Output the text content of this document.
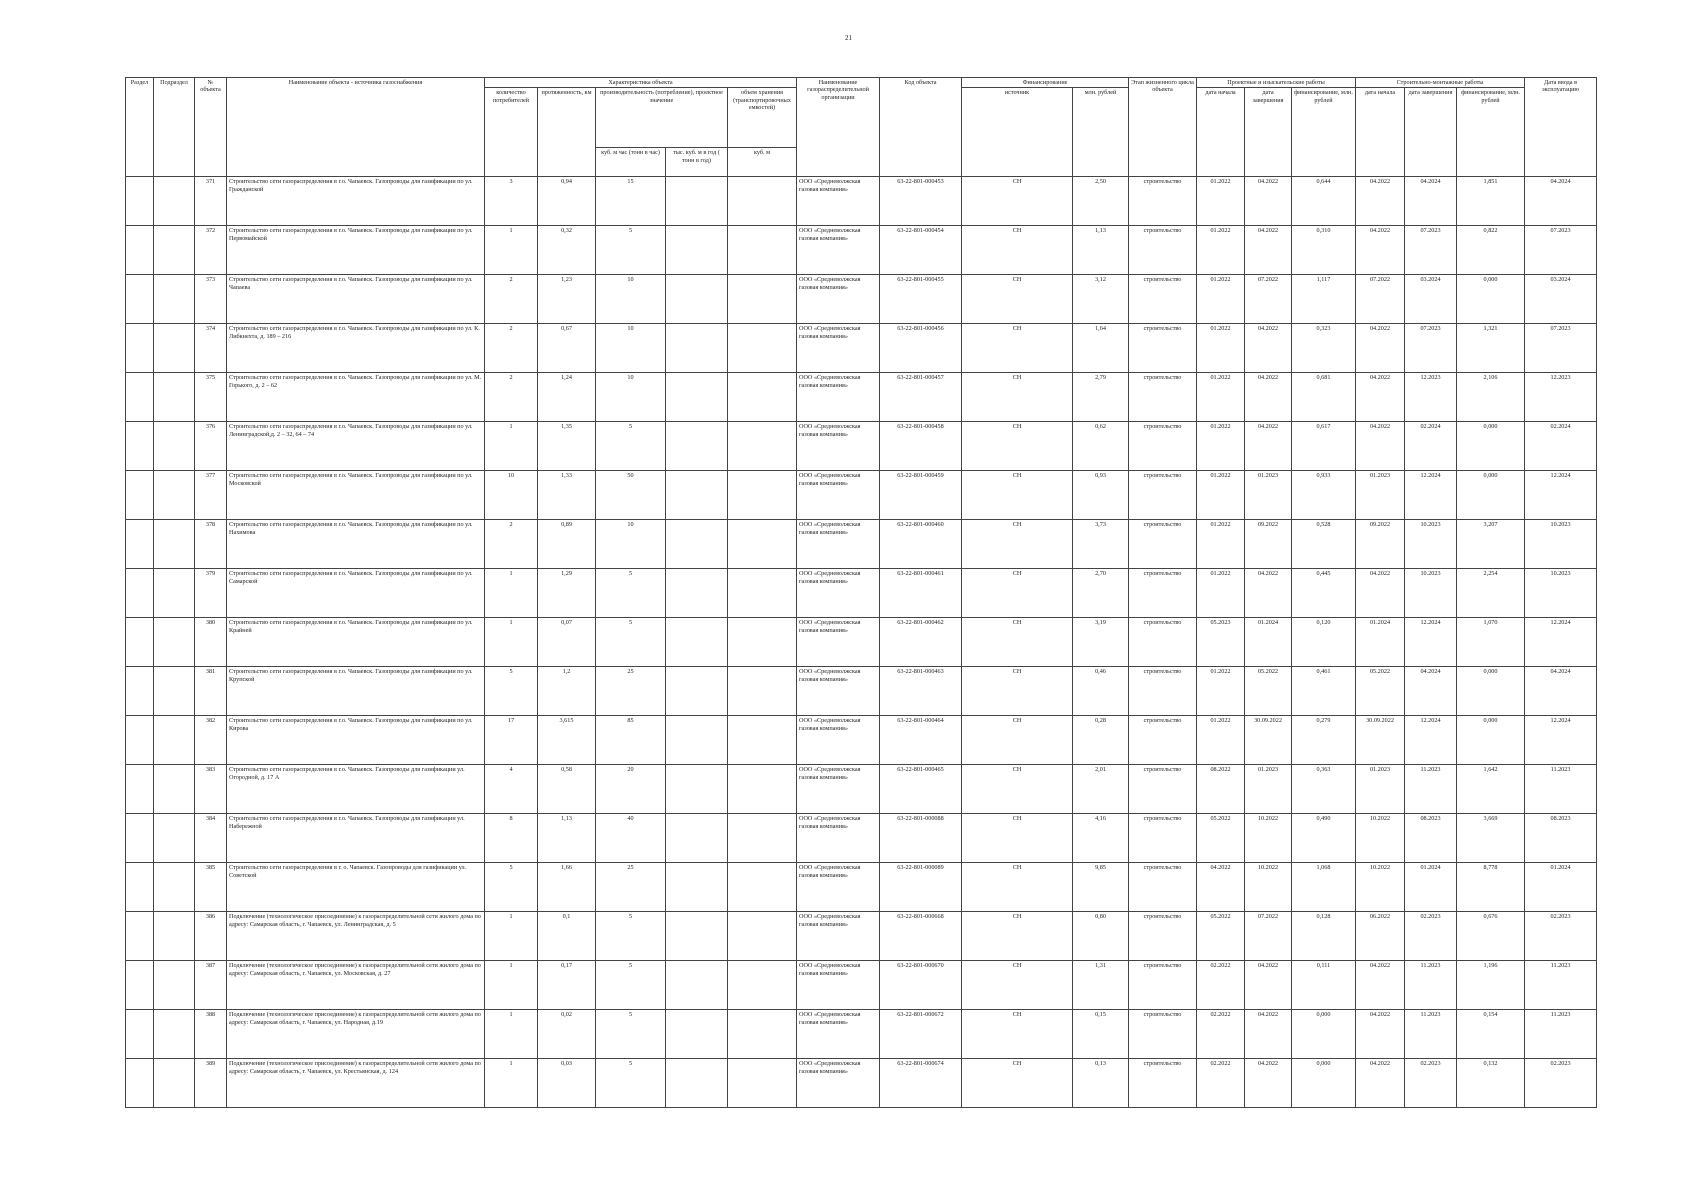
21
Раздел	Подраздел	№ объекта	Наименование объекта - источника газоснабжения	Характеристика объекта					Наименование газораспределительной организации	Код объекта	Финансирование		Этап жизненного цикла объекта	Проектные и изыскательские работы			Строительно-монтажные работы			Дата ввода в эксплуатацию
				количество потребителей	протяженность, км	производительность (потребление), проектное значение		объем хранения (транспортировочных емкостей)			источник	млн. рублей		дата начала	дата завершения	финансирование, млн. рублей	дата начала	дата завершения	финансирование, млн. рублей	
						куб. м час (тонн в час)	тыс. куб. м в год ( тонн в год)	куб. м												
		371	Строительство сети газораспределения в г.о. Чапаевск. Газопроводы для газификации по ул. Гражданской	3	0,94	15			ООО «Средневолжская газовая компания»	63-22-801-000453	СН	2,50	строительство	01.2022	04.2022	0,644	04.2022	04.2024	1,851	04.2024
		372	Строительство сети газораспределения в г.о. Чапаевск. Газопроводы для газификации по ул. Первомайской	1	0,32	5			ООО «Средневолжская газовая компания»	63-22-801-000454	СН	1,13	строительство	01.2022	04.2022	0,310	04.2022	07.2023	0,822	07.2023
		373	Строительство сети газораспределения в г.о. Чапаевск. Газопроводы для газификации по ул. Чапаева	2	1,23	10			ООО «Средневолжская газовая компания»	63-22-801-000455	СН	3,12	строительство	01.2022	07.2022	1,117	07.2022	03.2024	0,000	03.2024
		374	Строительство сети газораспределения в г.о. Чапаевск. Газопроводы для газификации по ул. К. Либкнехта, д. 189 – 216	2	0,67	10			ООО «Средневолжская газовая компания»	63-22-801-000456	СН	1,64	строительство	01.2022	04.2022	0,323	04.2022	07.2023	1,321	07.2023
		375	Строительство сети газораспределения в г.о. Чапаевск. Газопроводы для газификации по ул. М. Горького, д. 2 – 62	2	1,24	10			ООО «Средневолжская газовая компания»	63-22-801-000457	СН	2,79	строительство	01.2022	04.2022	0,681	04.2022	12.2023	2,106	12.2023
		376	Строительство сети газораспределения в г.о. Чапаевск. Газопроводы для газификации по ул. Ленинградской,д. 2 – 32, 64 – 74	1	1,35	5			ООО «Средневолжская газовая компания»	63-22-801-000458	СН	0,62	строительство	01.2022	04.2022	0,617	04.2022	02.2024	0,000	02.2024
		377	Строительство сети газораспределения в г.о. Чапаевск. Газопроводы для газификации по ул. Московской	10	1,33	50			ООО «Средневолжская газовая компания»	63-22-801-000459	СН	0,93	строительство	01.2022	01.2023	0,933	01.2023	12.2024	0,000	12.2024
		378	Строительство сети газораспределения в г.о. Чапаевск. Газопроводы для газификации по ул. Нахимова	2	0,89	10			ООО «Средневолжская газовая компания»	63-22-801-000460	СН	3,73	строительство	01.2022	09.2022	0,528	09.2022	10.2023	3,207	10.2023
		379	Строительство сети газораспределения в г.о. Чапаевск. Газопроводы для газификации по ул. Самарской	1	1,29	5			ООО «Средневолжская газовая компания»	63-22-801-000461	СН	2,70	строительство	01.2022	04.2022	0,445	04.2022	10.2023	2,254	10.2023
		380	Строительство сети газораспределения в г.о. Чапаевск. Газопроводы для газификации по ул. Крайней	1	0,07	5			ООО «Средневолжская газовая компания»	63-22-801-000462	СН	3,19	строительство	05.2023	01.2024	0,120	01.2024	12.2024	1,070	12.2024
		381	Строительство сети газораспределения в г.о. Чапаевск. Газопроводы для газификации по ул. Крупской	5	1,2	25			ООО «Средневолжская газовая компания»	63-22-801-000463	СН	0,46	строительство	01.2022	05.2022	0,461	05.2022	04.2024	0,000	04.2024
		382	Строительство сети газораспределения в г.о. Чапаевск. Газопроводы для газификации по ул. Кирова	17	3,615	85			ООО «Средневолжская газовая компания»	63-22-801-000464	СН	0,28	строительство	01.2022	30.09.2022	0,279	30.09.2022	12.2024	0,000	12.2024
		383	Строительство сети газораспределения в г.о. Чапаевск. Газопроводы для газификации ул. Огородной, д. 17 А	4	0,58	20			ООО «Средневолжская газовая компания»	63-22-801-000465	СН	2,01	строительство	08.2022	01.2023	0,363	01.2023	11.2023	1,642	11.2023
		384	Строительство сети газораспределения в г.о. Чапаевск. Газопроводы для газификации ул. Набережной	8	1,13	40			ООО «Средневолжская газовая компания»	63-22-801-000088	СН	4,16	строительство	05.2022	10.2022	0,490	10.2022	08.2023	3,669	08.2023
		385	Строительство сети газораспределения в г. о. Чапаевск. Газопроводы для газификации ул. Советской	5	1,66	25			ООО «Средневолжская газовая компания»	63-22-801-000089	СН	9,85	строительство	04.2022	10.2022	1,068	10.2022	01.2024	8,778	01.2024
		386	Подключение (технологическое присоединение) к газораспределительной сети жилого дома по адресу: Самарская область, г. Чапаевск, ул. Ленинградская, д. 5	1	0,1	5			ООО «Средневолжская газовая компания»	63-22-801-000668	СН	0,80	строительство	05.2022	07.2022	0,128	06.2022	02.2023	0,676	02.2023
		387	Подключение (технологическое присоединение) к газораспределительной сети жилого дома по адресу: Самарская область, г. Чапаевск, ул. Московская, д. 27	1	0,17	5			ООО «Средневолжская газовая компания»	63-22-801-000670	СН	1,31	строительство	02.2022	04.2022	0,111	04.2022	11.2023	1,196	11.2023
		388	Подключение (технологическое присоединение) к газораспределительной сети жилого дома по адресу: Самарская область, г. Чапаевск, ул. Народная, д.19	1	0,02	5			ООО «Средневолжская газовая компания»	63-22-801-000672	СН	0,15	строительство	02.2022	04.2022	0,000	04.2022	11.2023	0,154	11.2023
		389	Подключение (технологическое присоединение) к газораспределительной сети жилого дома по адресу: Самарская область, г. Чапаевск, ул. Крестьянская, д. 124	1	0,03	5			ООО «Средневолжская газовая компания»	63-22-801-000674	СН	0,13	строительство	02.2022	04.2022	0,000	04.2022	02.2023	0,132	02.2023
